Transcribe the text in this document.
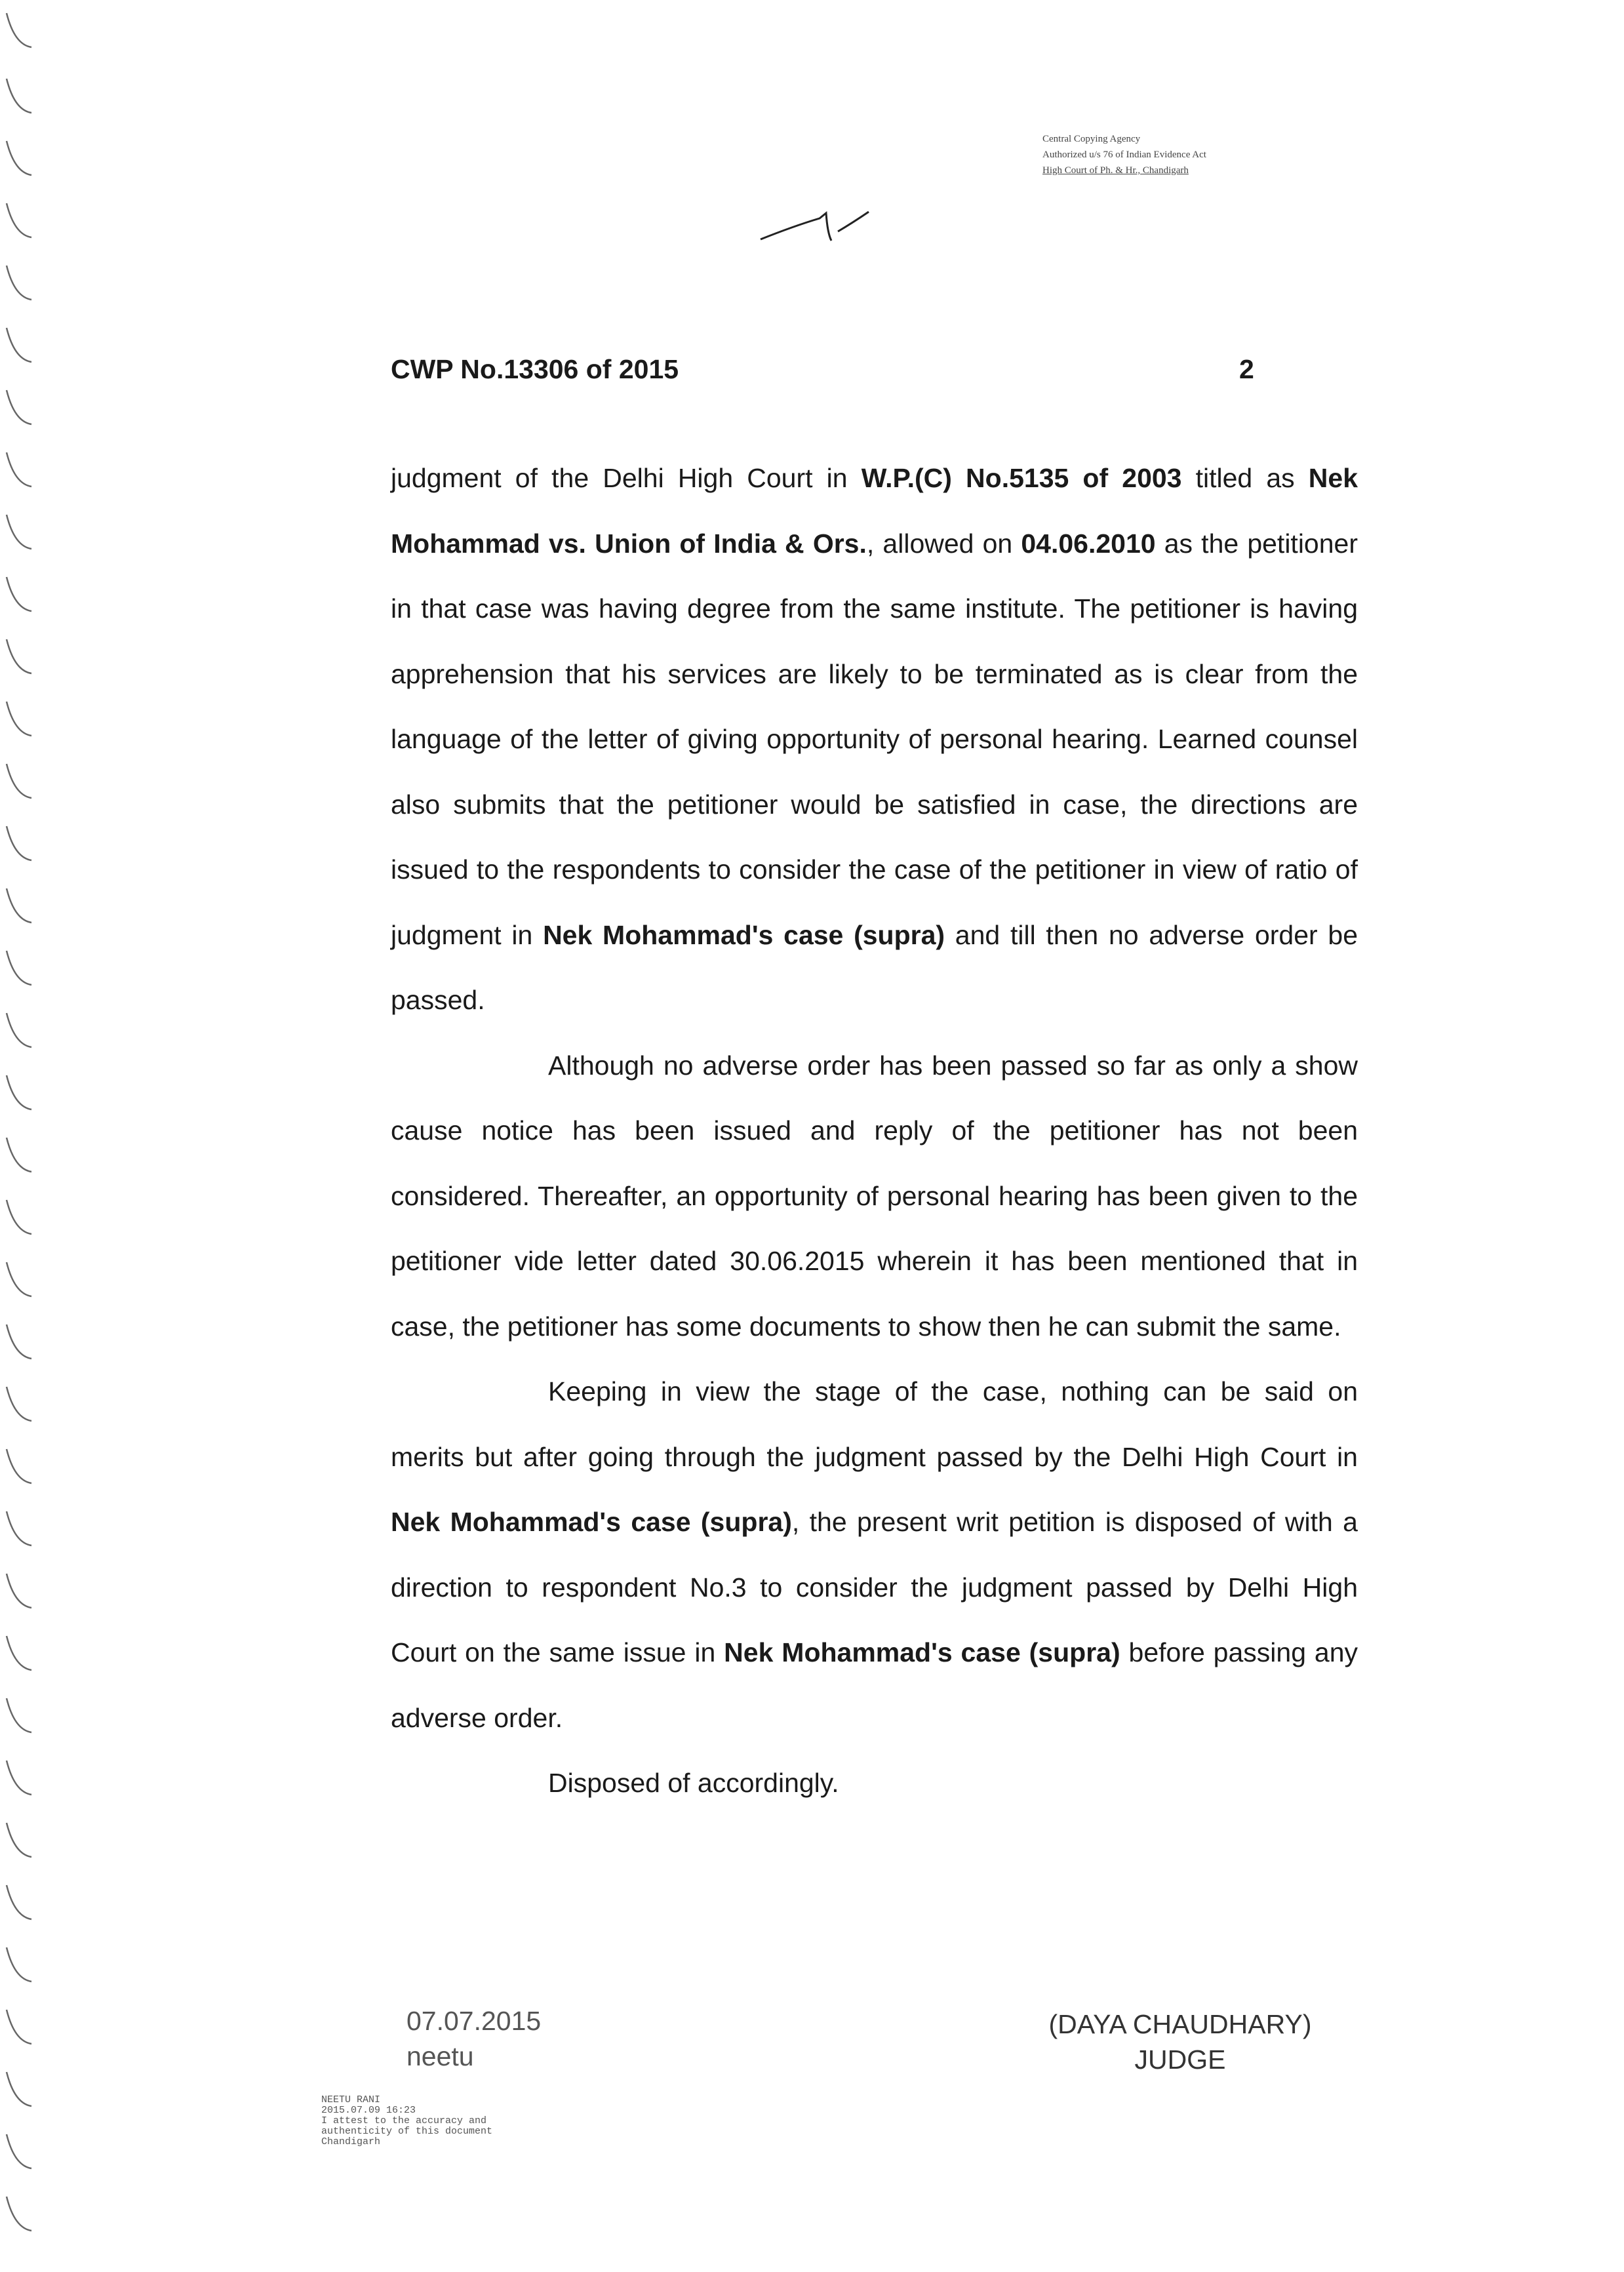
Central Copying Agency
Authorized u/s 76 of Indian Evidence Act
High Court of Ph. & Hr., Chandigarh
CWP No.13306 of 2015	2

judgment of the Delhi High Court in W.P.(C) No.5135 of 2003 titled as Nek Mohammad vs. Union of India & Ors., allowed on 04.06.2010 as the petitioner in that case was having degree from the same institute. The petitioner is having apprehension that his services are likely to be terminated as is clear from the language of the letter of giving opportunity of personal hearing. Learned counsel also submits that the petitioner would be satisfied in case, the directions are issued to the respondents to consider the case of the petitioner in view of ratio of judgment in Nek Mohammad's case (supra) and till then no adverse order be passed.

Although no adverse order has been passed so far as only a show cause notice has been issued and reply of the petitioner has not been considered. Thereafter, an opportunity of personal hearing has been given to the petitioner vide letter dated 30.06.2015 wherein it has been mentioned that in case, the petitioner has some documents to show then he can submit the same.

Keeping in view the stage of the case, nothing can be said on merits but after going through the judgment passed by the Delhi High Court in Nek Mohammad's case (supra), the present writ petition is disposed of with a direction to respondent No.3 to consider the judgment passed by Delhi High Court on the same issue in Nek Mohammad's case (supra) before passing any adverse order.

Disposed of accordingly.

07.07.2015
neetu
(DAYA CHAUDHARY)
JUDGE
NEETU RANI
2015.07.09 16:23
I attest to the accuracy and
authenticity of this document
Chandigarh
